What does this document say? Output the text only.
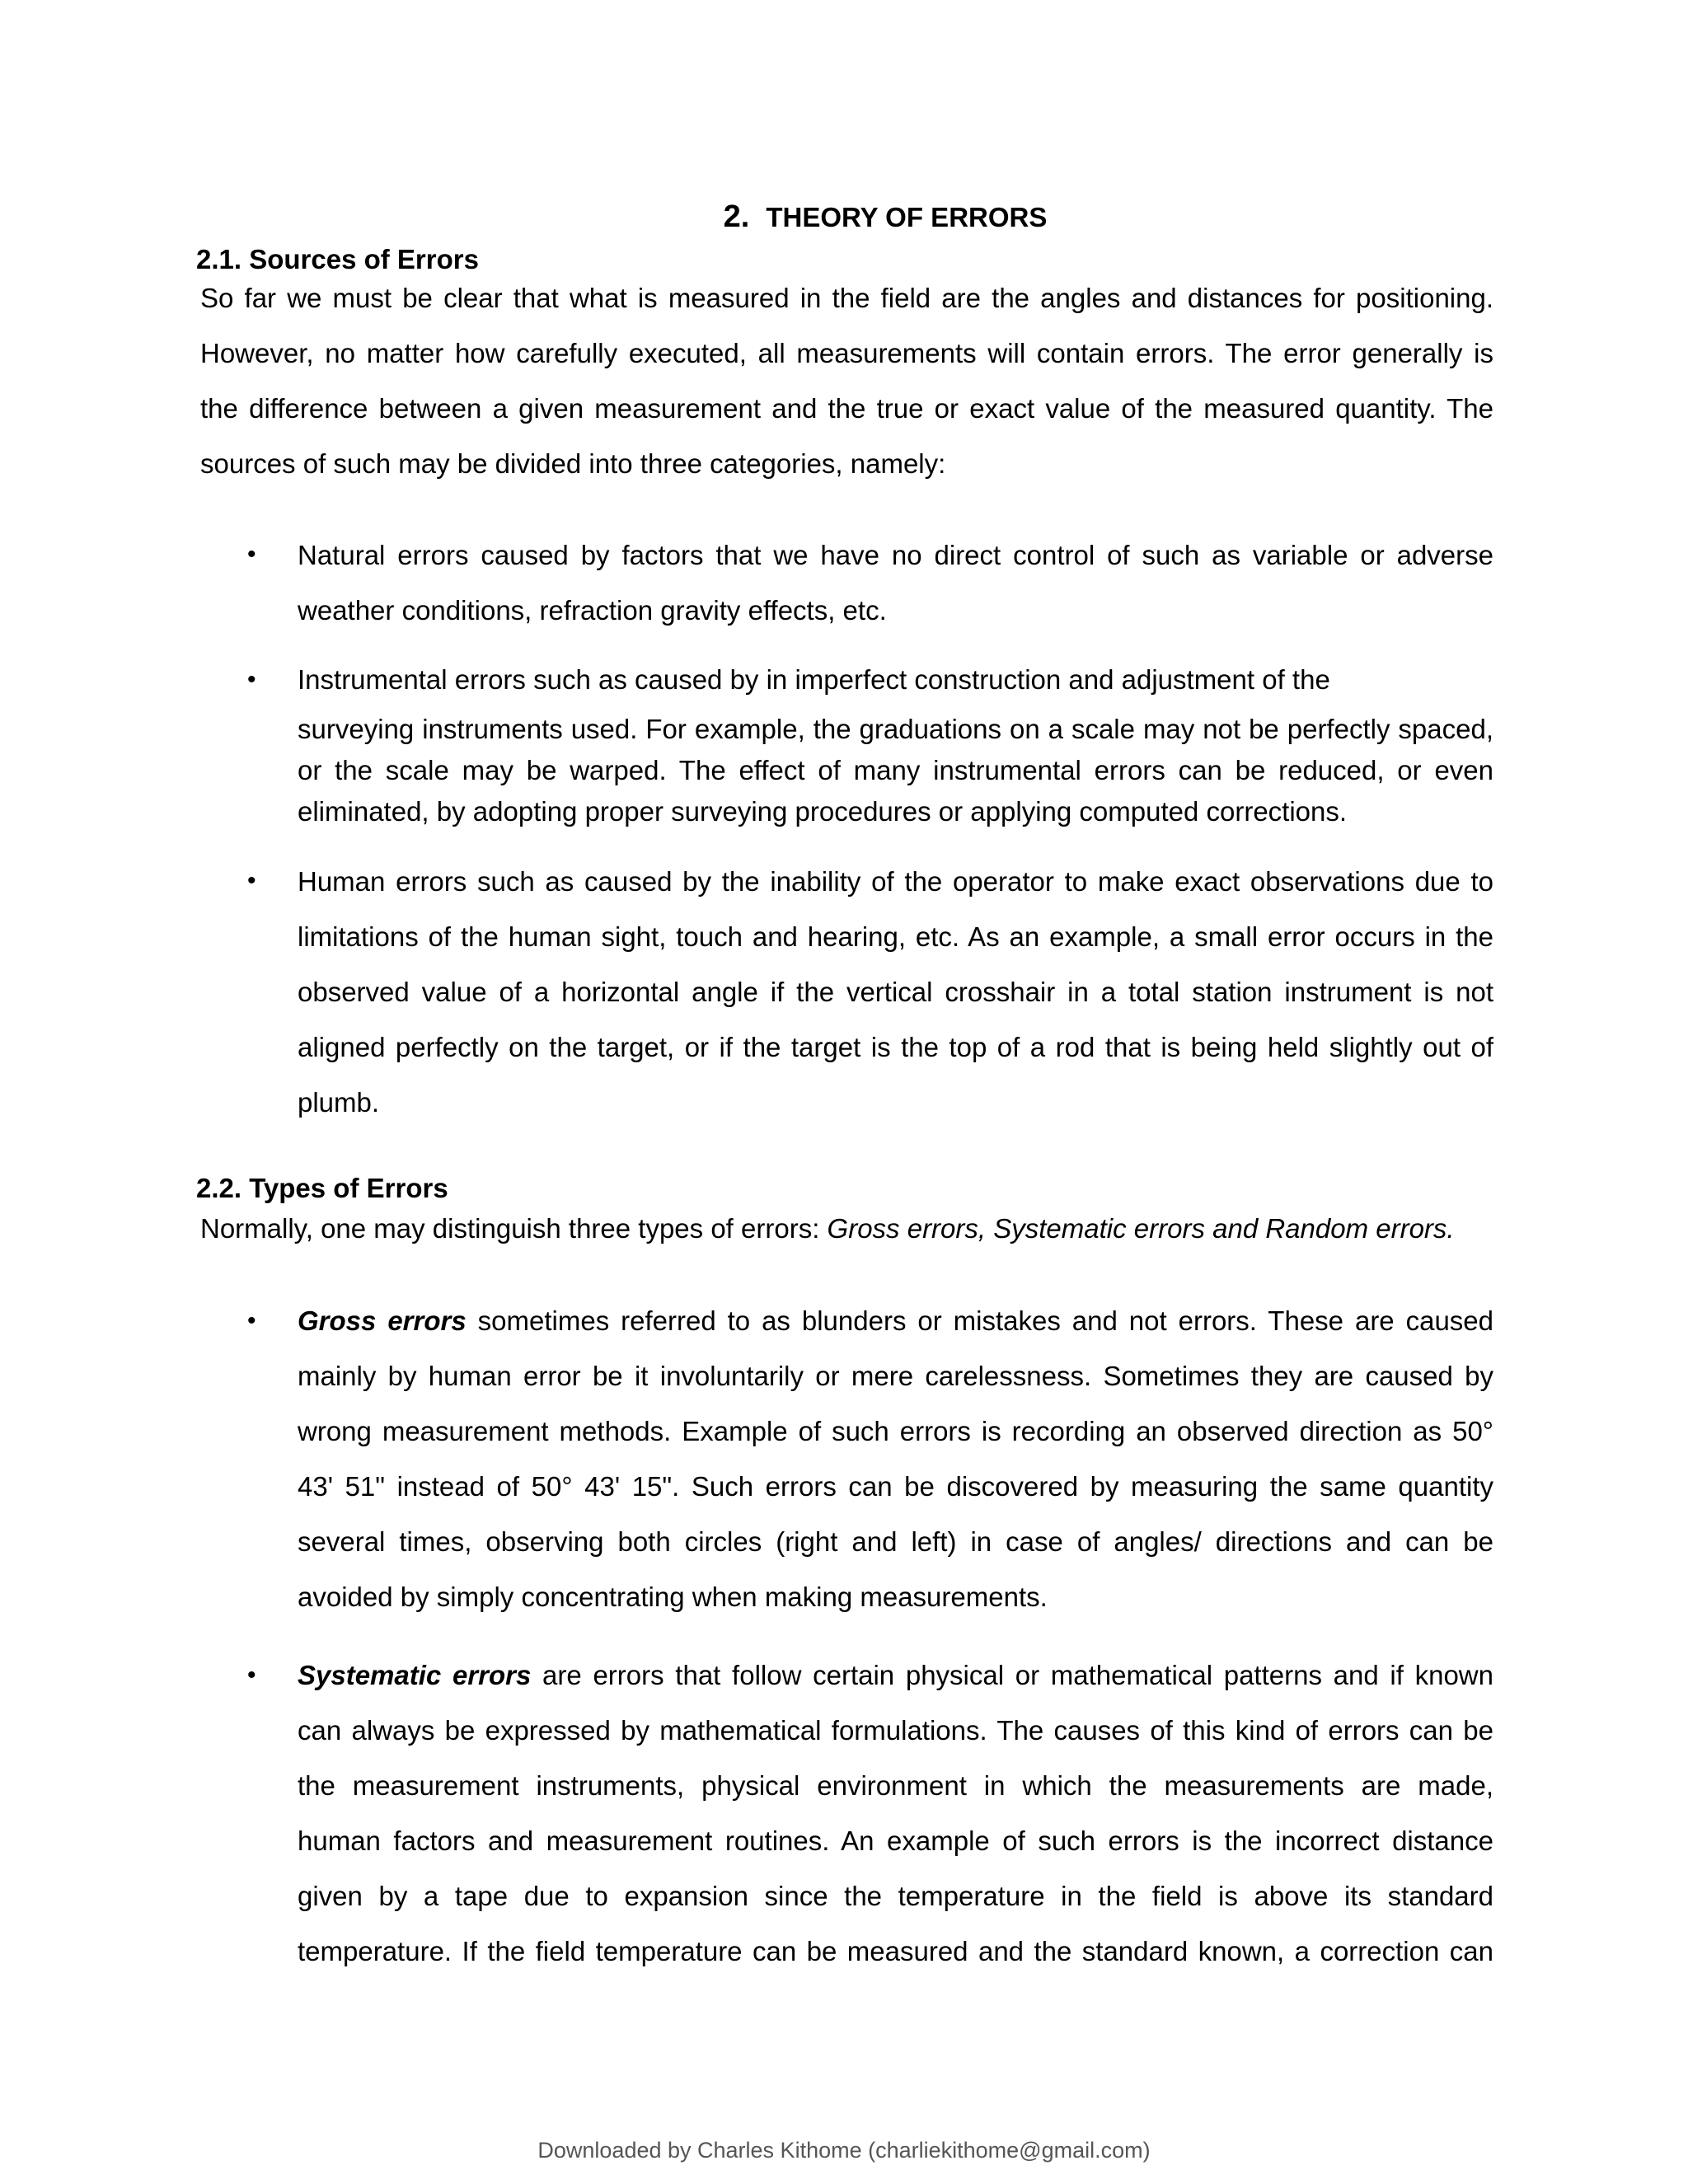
2. THEORY OF ERRORS
2.1. Sources of Errors
So far we must be clear that what is measured in the field are the angles and distances for positioning.
However, no matter how carefully executed, all measurements will contain errors. The error generally is
the difference between a given measurement and the true or exact value of the measured quantity. The
sources of such may be divided into three categories, namely:
• Natural errors caused by factors that we have no direct control of such as variable or adverse
weather conditions, refraction gravity effects, etc.
• Instrumental errors such as caused by in imperfect construction and adjustment of the
surveying instruments used. For example, the graduations on a scale may not be perfectly spaced,
or the scale may be warped. The effect of many instrumental errors can be reduced, or even
eliminated, by adopting proper surveying procedures or applying computed corrections.
• Human errors such as caused by the inability of the operator to make exact observations due to
limitations of the human sight, touch and hearing, etc. As an example, a small error occurs in the
observed value of a horizontal angle if the vertical crosshair in a total station instrument is not
aligned perfectly on the target, or if the target is the top of a rod that is being held slightly out of
plumb.
2.2. Types of Errors
Normally, one may distinguish three types of errors: Gross errors, Systematic errors and Random errors.
• Gross errors sometimes referred to as blunders or mistakes and not errors. These are caused
mainly by human error be it involuntarily or mere carelessness. Sometimes they are caused by
wrong measurement methods. Example of such errors is recording an observed direction as 50°
43' 51" instead of 50° 43' 15". Such errors can be discovered by measuring the same quantity
several times, observing both circles (right and left) in case of angles/ directions and can be
avoided by simply concentrating when making measurements.
• Systematic errors are errors that follow certain physical or mathematical patterns and if known
can always be expressed by mathematical formulations. The causes of this kind of errors can be
the measurement instruments, physical environment in which the measurements are made,
human factors and measurement routines. An example of such errors is the incorrect distance
given by a tape due to expansion since the temperature in the field is above its standard
temperature. If the field temperature can be measured and the standard known, a correction can
Downloaded by Charles Kithome (charliekithome@gmail.com)
